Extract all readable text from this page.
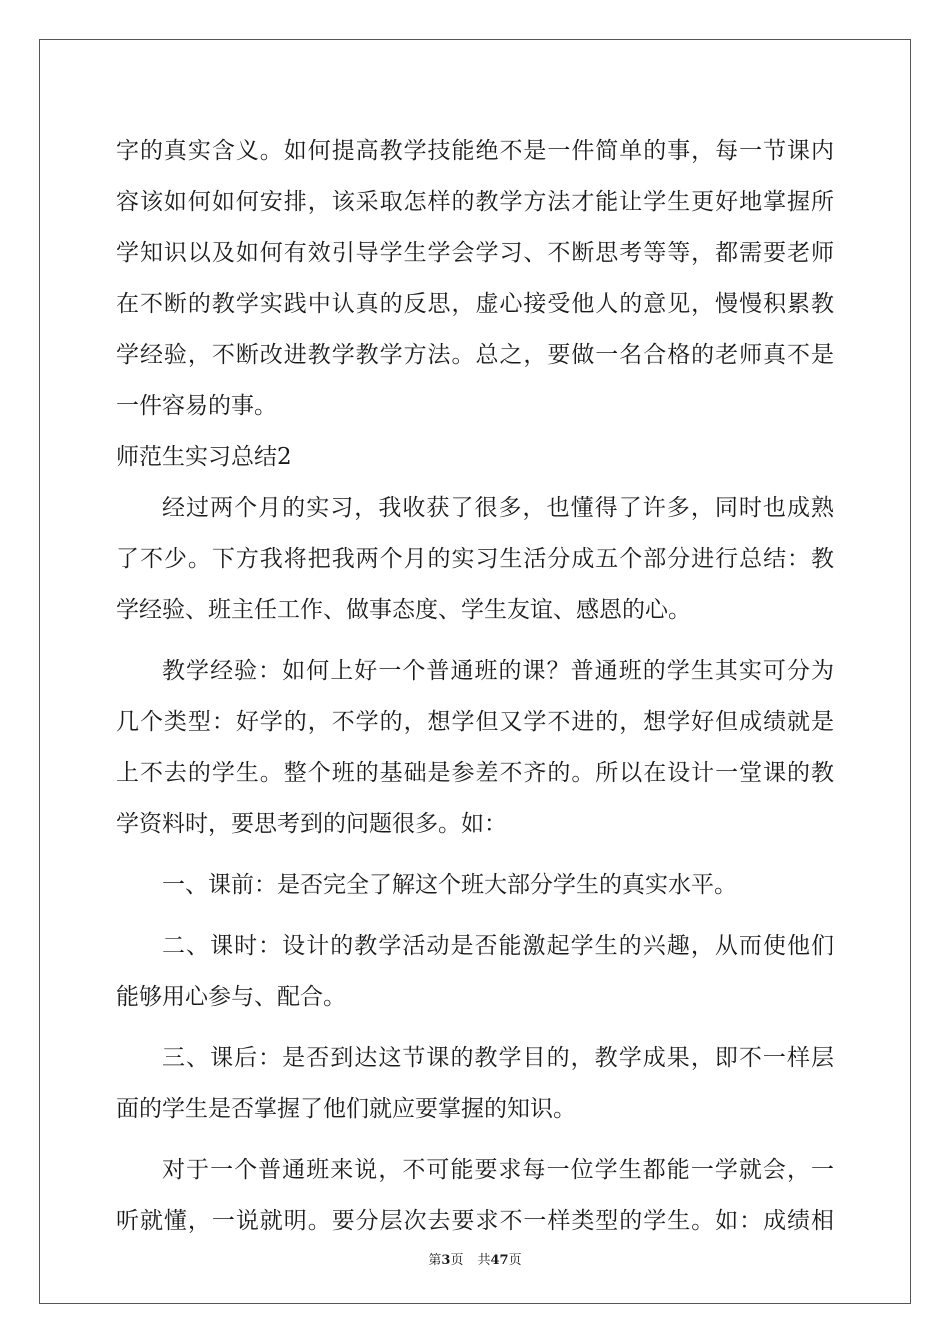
字的真实含义。如何提高教学技能绝不是一件简单的事，每一节课内
容该如何如何安排，该采取怎样的教学方法才能让学生更好地掌握所
学知识以及如何有效引导学生学会学习、不断思考等等，都需要老师
在不断的教学实践中认真的反思，虚心接受他人的意见，慢慢积累教
学经验，不断改进教学教学方法。总之，要做一名合格的老师真不是
一件容易的事。
师范生实习总结2
经过两个月的实习，我收获了很多，也懂得了许多，同时也成熟
了不少。下方我将把我两个月的实习生活分成五个部分进行总结：教
学经验、班主任工作、做事态度、学生友谊、感恩的心。
教学经验：如何上好一个普通班的课？普通班的学生其实可分为
几个类型：好学的，不学的，想学但又学不进的，想学好但成绩就是
上不去的学生。整个班的基础是参差不齐的。所以在设计一堂课的教
学资料时，要思考到的问题很多。如：
一、课前：是否完全了解这个班大部分学生的真实水平。
二、课时：设计的教学活动是否能激起学生的兴趣，从而使他们
能够用心参与、配合。
三、课后：是否到达这节课的教学目的，教学成果，即不一样层
面的学生是否掌握了他们就应要掌握的知识。
对于一个普通班来说，不可能要求每一位学生都能一学就会，一
听就懂，一说就明。要分层次去要求不一样类型的学生。如：成绩相
第3页 共47页
